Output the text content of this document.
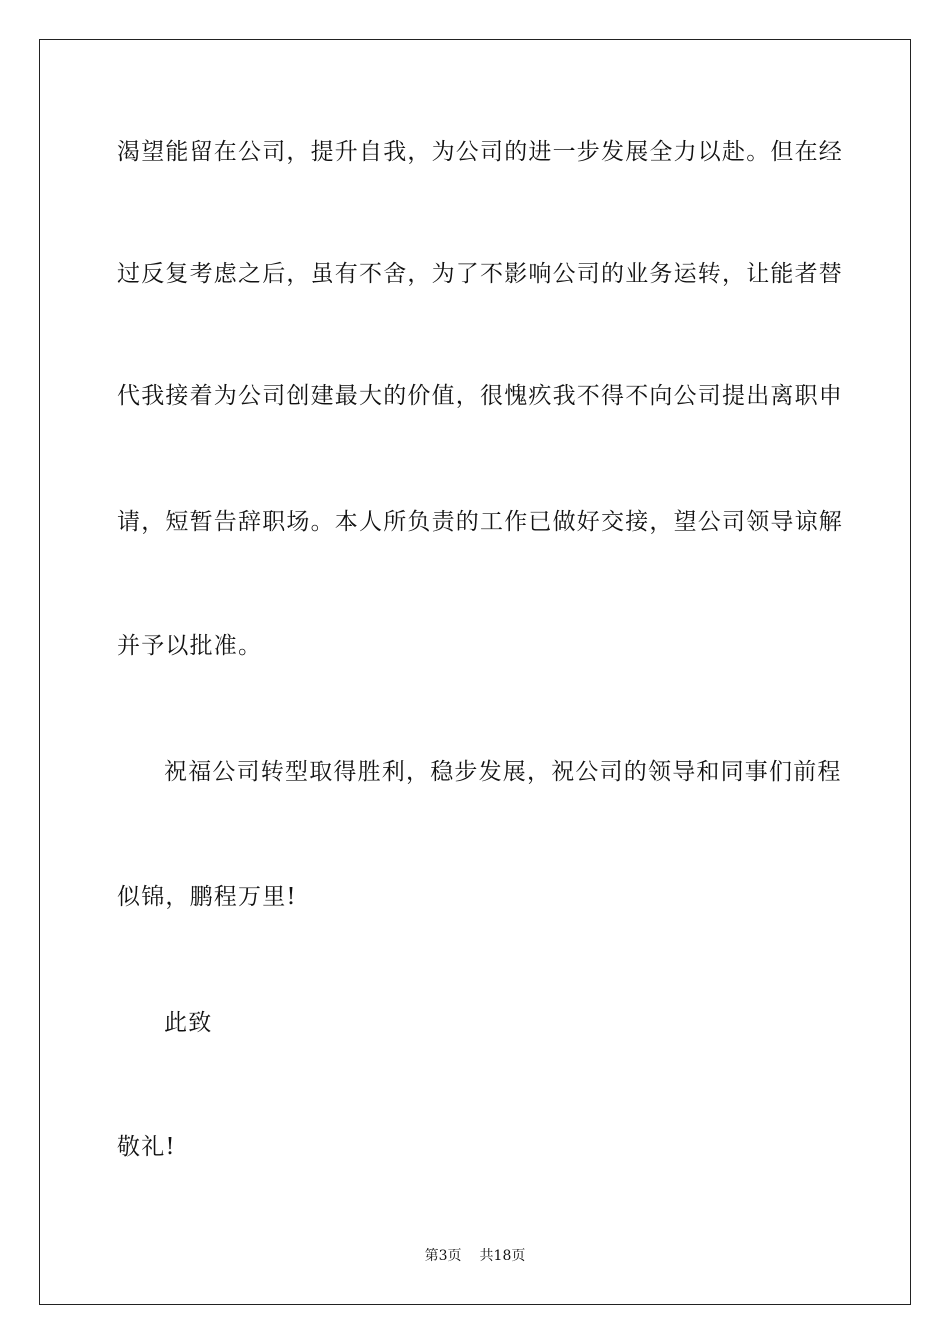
渴望能留在公司，提升自我，为公司的进一步发展全力以赴。但在经
过反复考虑之后，虽有不舍，为了不影响公司的业务运转，让能者替
代我接着为公司创建最大的价值，很愧疚我不得不向公司提出离职申
请，短暂告辞职场。本人所负责的工作已做好交接，望公司领导谅解
并予以批准。
祝福公司转型取得胜利，稳步发展，祝公司的领导和同事们前程
似锦，鹏程万里!
此致
敬礼!
第3页 共18页
